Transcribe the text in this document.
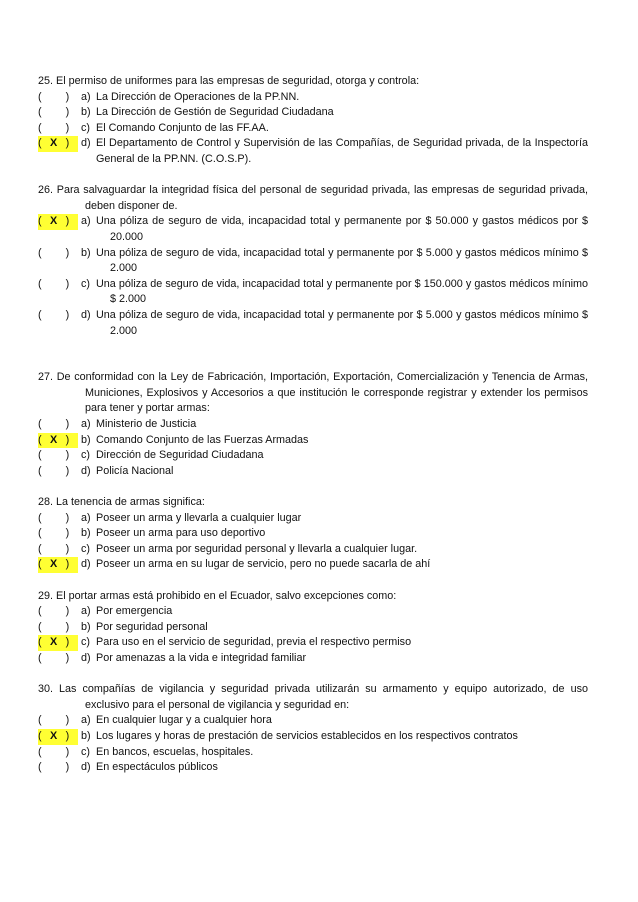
25. El permiso de uniformes para las empresas de seguridad, otorga y controla:
( )	a) La Dirección de Operaciones de la PP.NN.
( )	b) La Dirección de Gestión de Seguridad Ciudadana
( )	c) El Comando Conjunto de las FF.AA.
( X )	d) El Departamento de Control y Supervisión de las Compañías, de Seguridad privada, de la Inspectoría General de la PP.NN. (C.O.S.P).
26. Para salvaguardar la integridad física del personal de seguridad privada, las empresas de seguridad privada, deben disponer de.
( X )	a) Una póliza de seguro de vida, incapacidad total y permanente por $ 50.000 y gastos médicos por $ 20.000
( )	b) Una póliza de seguro de vida, incapacidad total y permanente por $ 5.000 y gastos médicos mínimo $ 2.000
( )	c) Una póliza de seguro de vida, incapacidad total y permanente por $ 150.000 y gastos médicos mínimo $ 2.000
( )	d) Una póliza de seguro de vida, incapacidad total y permanente por $ 5.000 y gastos médicos mínimo $ 2.000
27. De conformidad con la Ley de Fabricación, Importación, Exportación, Comercialización y Tenencia de Armas, Municiones, Explosivos y Accesorios a que institución le corresponde registrar y extender los permisos para tener y portar armas:
( )	a) Ministerio de Justicia
( X )	b) Comando Conjunto de las Fuerzas Armadas
( )	c) Dirección de Seguridad Ciudadana
( )	d) Policía Nacional
28. La tenencia de armas significa:
( )	a) Poseer un arma y llevarla a cualquier lugar
( )	b) Poseer un arma para uso deportivo
( )	c) Poseer un arma por seguridad personal y llevarla a cualquier lugar.
( X )	d) Poseer un arma en su lugar de servicio, pero no puede sacarla de ahí
29. El portar armas está prohibido en el Ecuador, salvo excepciones como:
( )	a) Por emergencia
( )	b) Por seguridad personal
( X )	c) Para uso en el servicio de seguridad, previa el respectivo permiso
( )	d) Por amenazas a la vida e integridad familiar
30. Las compañías de vigilancia y seguridad privada utilizarán su armamento y equipo autorizado, de uso exclusivo para el personal de vigilancia y seguridad en:
( )	a) En cualquier lugar y a cualquier hora
( X )	b) Los lugares y horas de prestación de servicios establecidos en los respectivos contratos
( )	c) En bancos, escuelas, hospitales.
( )	d) En espectáculos públicos
